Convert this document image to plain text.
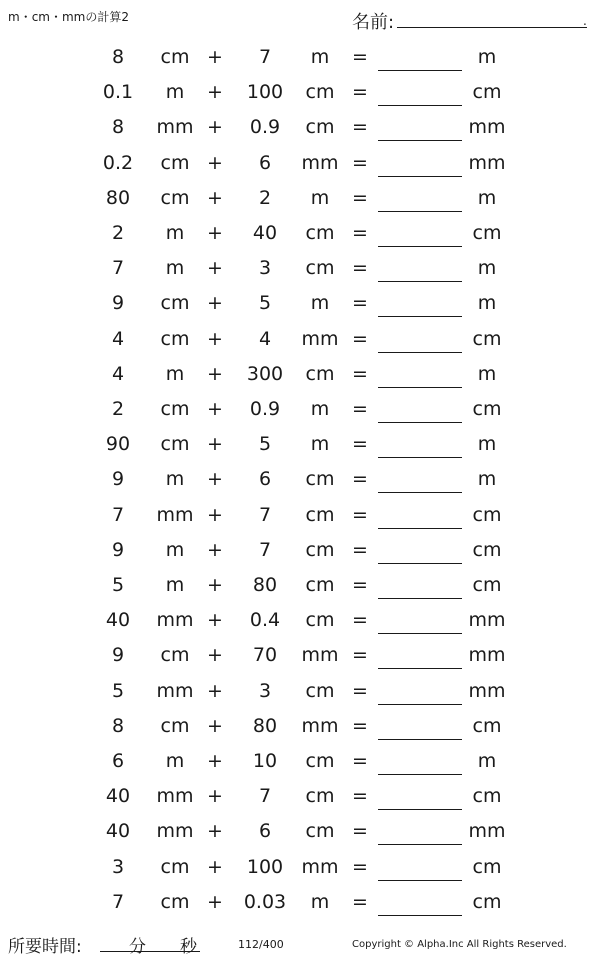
m・cm・mmの計算2	名前:	.
8	cm +	7	m	=	m
0.1	m	+	100	cm =	cm
8	mm +	0.9	cm =	mm
0.2	cm +	6	mm =	mm
80	cm +	2	m	=	m
2	m	+	40	cm =	cm
7	m	+	3	cm =	m
9	cm +	5	m	=	m
4	cm +	4	mm =	cm
4	m	+	300	cm =	m
2	cm +	0.9	m	=	cm
90	cm +	5	m	=	m
9	m	+	6	cm =	m
7	mm +	7	cm =	cm
9	m	+	7	cm =	cm
5	m	+	80	cm =	cm
40	mm +	0.4	cm =	mm
9	cm +	70	mm =	mm
5	mm +	3	cm =	mm
8	cm +	80	mm =	cm
6	m	+	10	cm =	m
40	mm +	7	cm =	cm
40	mm +	6	cm =	mm
3	cm +	100 mm =	cm
7	cm +	0.03	m	=	cm
所要時間:	分 秒	112/400	Copyright © Alpha.Inc All Rights Reserved.
